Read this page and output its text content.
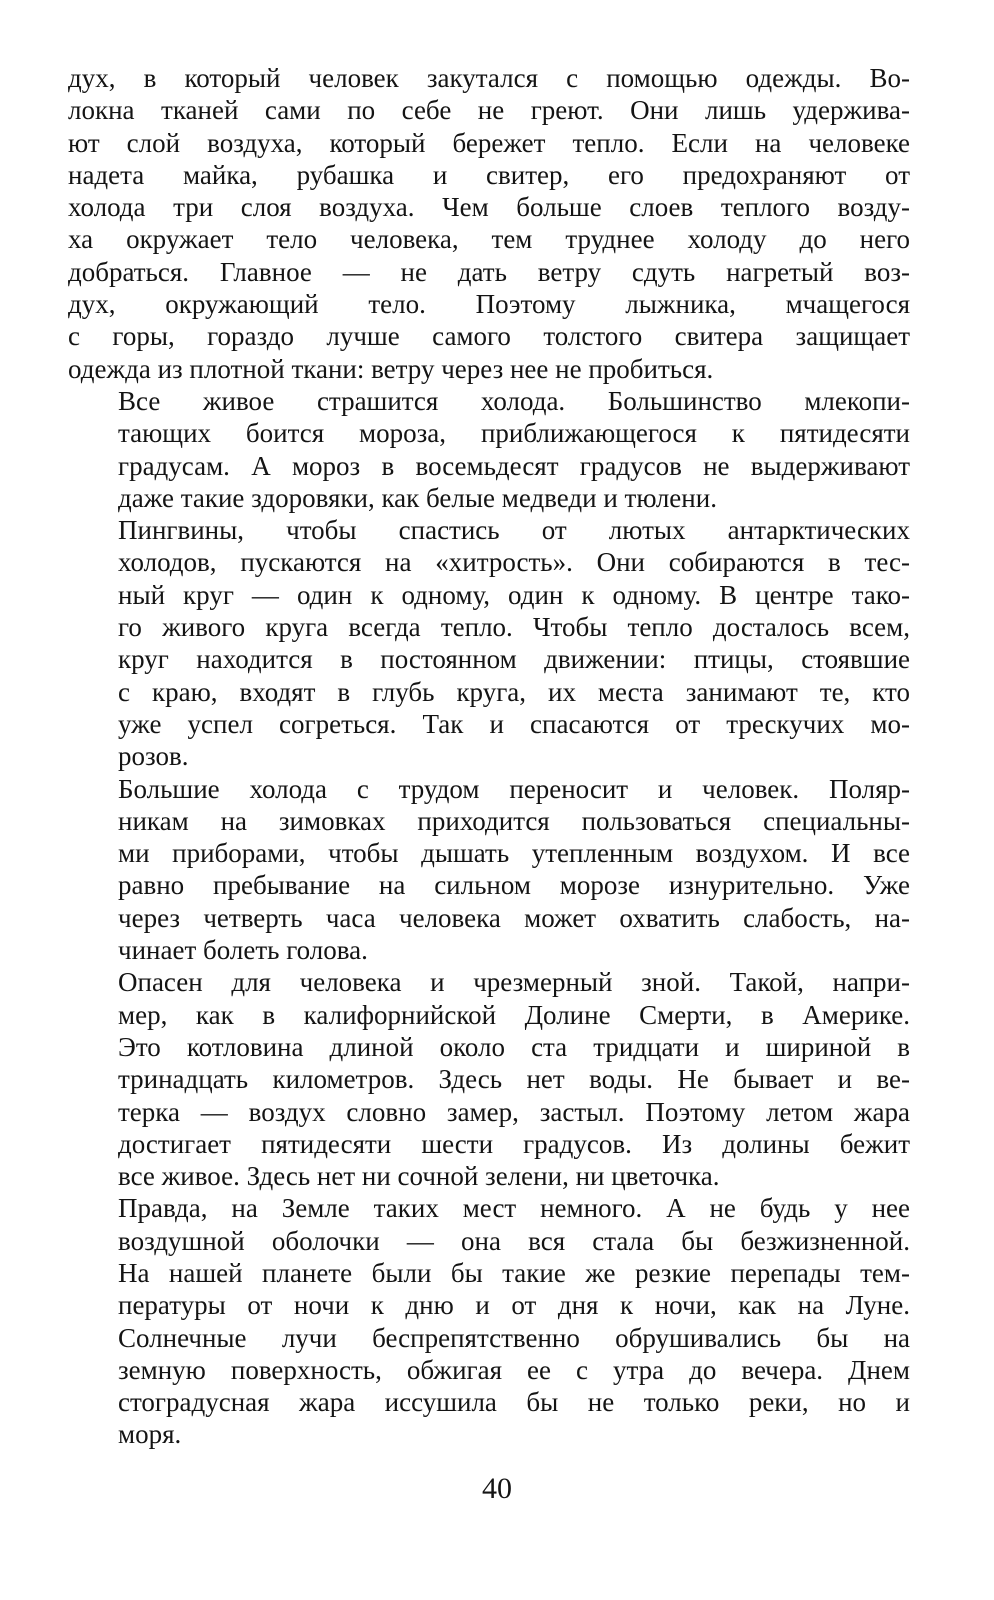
дух, в который человек закутался с помощью одежды. Во-
локна тканей сами по себе не греют. Они лишь удержива-
ют слой воздуха, который бережет тепло. Если на человеке
надета майка, рубашка и свитер, его предохраняют от
холода три слоя воздуха. Чем больше слоев теплого возду-
ха окружает тело человека, тем труднее холоду до него
добраться. Главное — не дать ветру сдуть нагретый воз-
дух, окружающий тело. Поэтому лыжника, мчащегося
с горы, гораздо лучше самого толстого свитера защищает
одежда из плотной ткани: ветру через нее не пробиться.

Все живое страшится холода. Большинство млекопи-
тающих боится мороза, приближающегося к пятидесяти
градусам. А мороз в восемьдесят градусов не выдерживают
даже такие здоровяки, как белые медведи и тюлени.

Пингвины, чтобы спастись от лютых антарктических
холодов, пускаются на «хитрость». Они собираются в тес-
ный круг — один к одному, один к одному. В центре тако-
го живого круга всегда тепло. Чтобы тепло досталось всем,
круг находится в постоянном движении: птицы, стоявшие
с краю, входят в глубь круга, их места занимают те, кто
уже успел согреться. Так и спасаются от трескучих мо-
розов.

Большие холода с трудом переносит и человек. Поляр-
никам на зимовках приходится пользоваться специальны-
ми приборами, чтобы дышать утепленным воздухом. И все
равно пребывание на сильном морозе изнурительно. Уже
через четверть часа человека может охватить слабость, на-
чинает болеть голова.

Опасен для человека и чрезмерный зной. Такой, напри-
мер, как в калифорнийской Долине Смерти, в Америке.
Это котловина длиной около ста тридцати и шириной в
тринадцать километров. Здесь нет воды. Не бывает и ве-
терка — воздух словно замер, застыл. Поэтому летом жара
достигает пятидесяти шести градусов. Из долины бежит
все живое. Здесь нет ни сочной зелени, ни цветочка.

Правда, на Земле таких мест немного. А не будь у нее
воздушной оболочки — она вся стала бы безжизненной.
На нашей планете были бы такие же резкие перепады тем-
пературы от ночи к дню и от дня к ночи, как на Луне.
Солнечные лучи беспрепятственно обрушивались бы на
земную поверхность, обжигая ее с утра до вечера. Днем
стоградусная жара иссушила бы не только реки, но и
моря.

40
